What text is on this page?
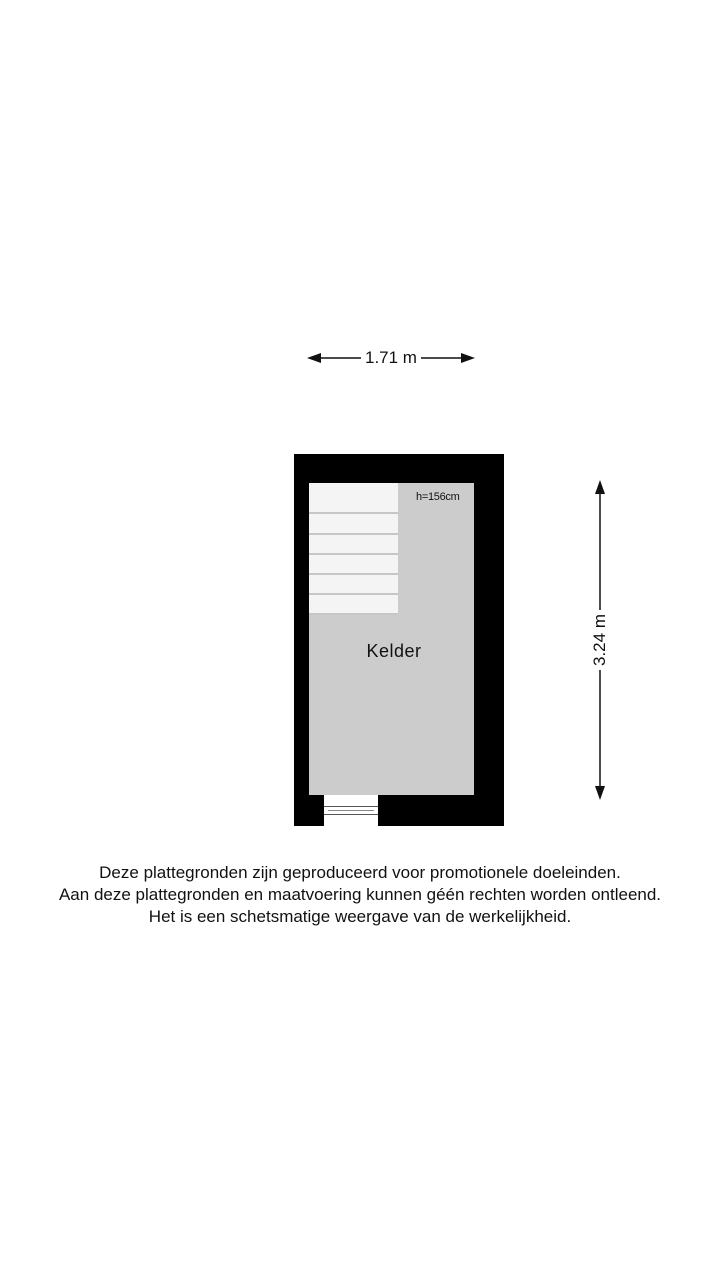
1.71 m
3.24 m
h=156cm
Kelder
Deze plattegronden zijn geproduceerd voor promotionele doeleinden.
Aan deze plattegronden en maatvoering kunnen géén rechten worden ontleend.
Het is een schetsmatige weergave van de werkelijkheid.
